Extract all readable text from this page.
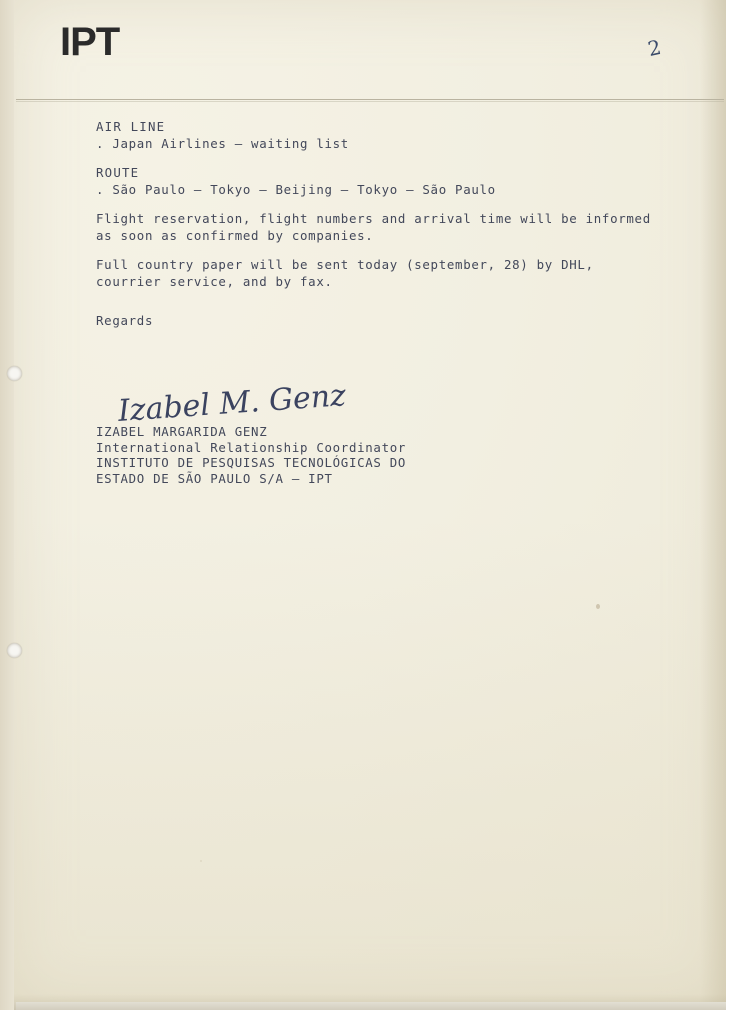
IPT	2
AIR LINE
. Japan Airlines – waiting list
ROUTE
. São Paulo – Tokyo – Beijing – Tokyo – São Paulo
Flight reservation, flight numbers and arrival time will be informed as soon as confirmed by companies.
Full country paper will be sent today (september, 28) by DHL, courrier service, and by fax.
Regards
Izabel M. Genz
IZABEL MARGARIDA GENZ
International Relationship Coordinator
INSTITUTO DE PESQUISAS TECNOLÓGICAS DO
ESTADO DE SÃO PAULO S/A – IPT
